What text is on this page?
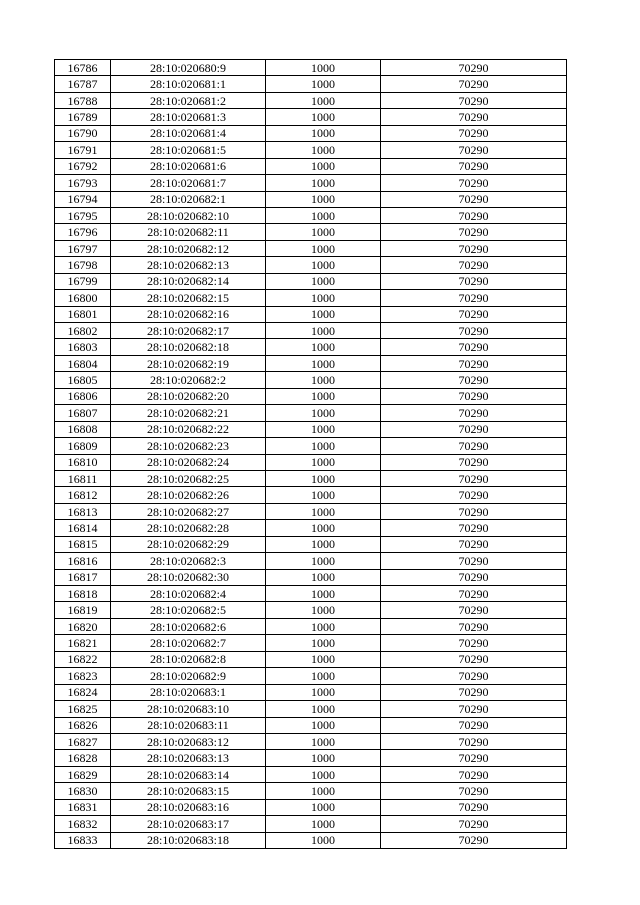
16786	28:10:020680:9	1000	70290
16787	28:10:020681:1	1000	70290
16788	28:10:020681:2	1000	70290
16789	28:10:020681:3	1000	70290
16790	28:10:020681:4	1000	70290
16791	28:10:020681:5	1000	70290
16792	28:10:020681:6	1000	70290
16793	28:10:020681:7	1000	70290
16794	28:10:020682:1	1000	70290
16795	28:10:020682:10	1000	70290
16796	28:10:020682:11	1000	70290
16797	28:10:020682:12	1000	70290
16798	28:10:020682:13	1000	70290
16799	28:10:020682:14	1000	70290
16800	28:10:020682:15	1000	70290
16801	28:10:020682:16	1000	70290
16802	28:10:020682:17	1000	70290
16803	28:10:020682:18	1000	70290
16804	28:10:020682:19	1000	70290
16805	28:10:020682:2	1000	70290
16806	28:10:020682:20	1000	70290
16807	28:10:020682:21	1000	70290
16808	28:10:020682:22	1000	70290
16809	28:10:020682:23	1000	70290
16810	28:10:020682:24	1000	70290
16811	28:10:020682:25	1000	70290
16812	28:10:020682:26	1000	70290
16813	28:10:020682:27	1000	70290
16814	28:10:020682:28	1000	70290
16815	28:10:020682:29	1000	70290
16816	28:10:020682:3	1000	70290
16817	28:10:020682:30	1000	70290
16818	28:10:020682:4	1000	70290
16819	28:10:020682:5	1000	70290
16820	28:10:020682:6	1000	70290
16821	28:10:020682:7	1000	70290
16822	28:10:020682:8	1000	70290
16823	28:10:020682:9	1000	70290
16824	28:10:020683:1	1000	70290
16825	28:10:020683:10	1000	70290
16826	28:10:020683:11	1000	70290
16827	28:10:020683:12	1000	70290
16828	28:10:020683:13	1000	70290
16829	28:10:020683:14	1000	70290
16830	28:10:020683:15	1000	70290
16831	28:10:020683:16	1000	70290
16832	28:10:020683:17	1000	70290
16833	28:10:020683:18	1000	70290
